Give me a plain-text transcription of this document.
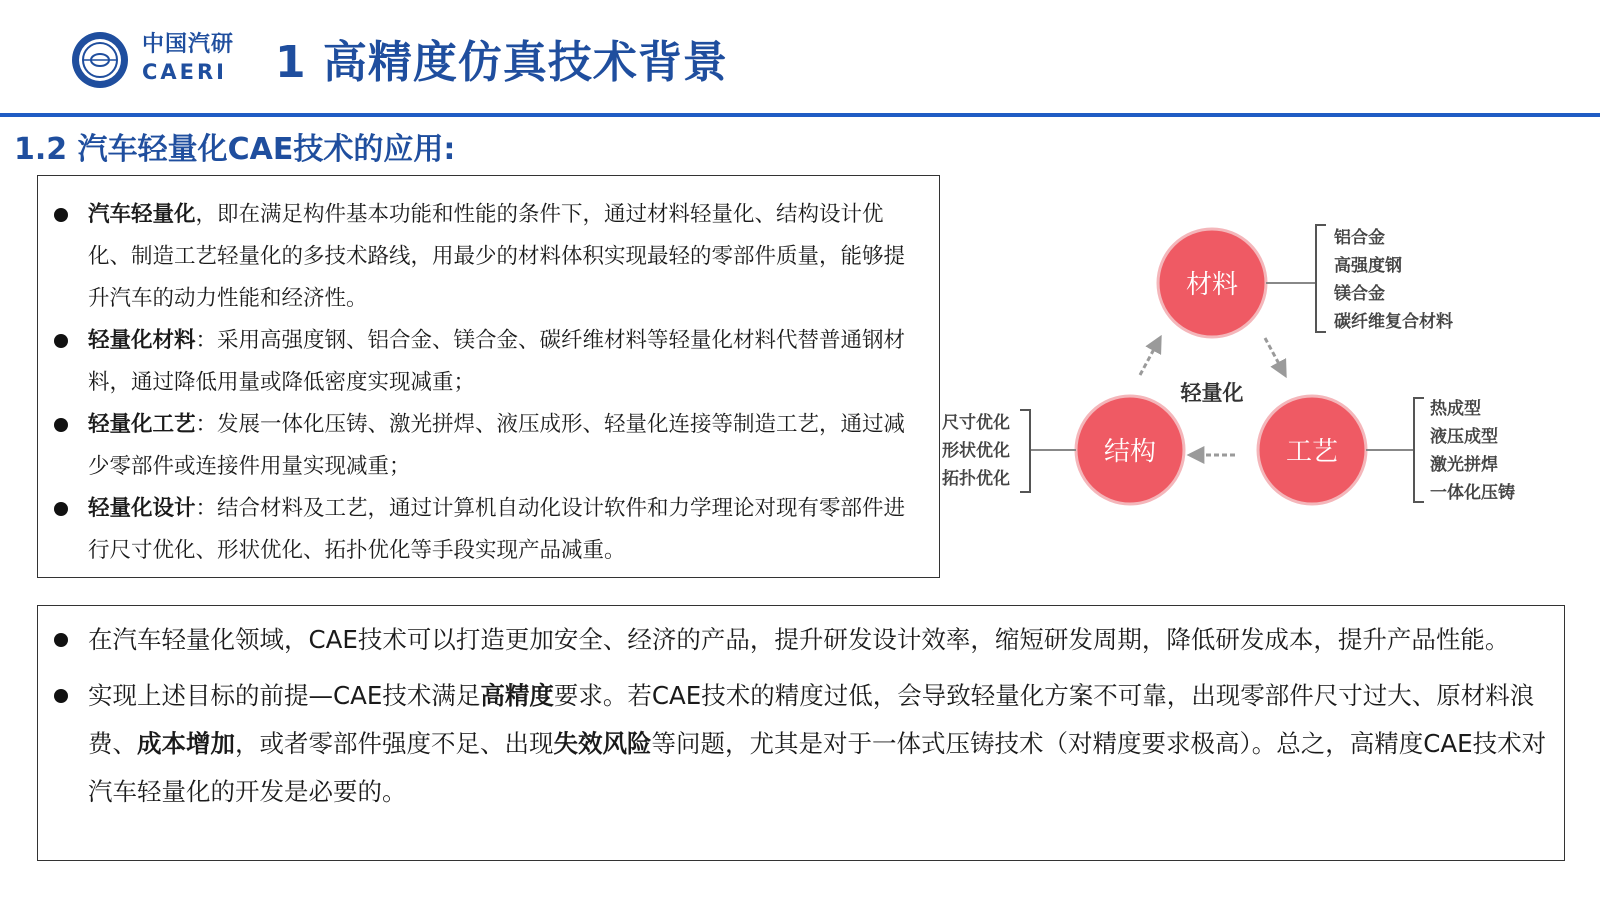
中国汽研
CAERI 1 高精度仿真技术背景
1.2 汽车轻量化CAE技术的应用:
汽车轻量化，即在满足构件基本功能和性能的条件下，通过材料轻量化、结构设计优化、制造工艺轻量化的多技术路线，用最少的材料体积实现最轻的零部件质量，能够提升汽车的动力性能和经济性。
轻量化材料：采用高强度钢、铝合金、镁合金、碳纤维材料等轻量化材料代替普通钢材料，通过降低用量或降低密度实现减重；
轻量化工艺：发展一体化压铸、激光拼焊、液压成形、轻量化连接等制造工艺，通过减少零部件或连接件用量实现减重；
轻量化设计：结合材料及工艺，通过计算机自动化设计软件和力学理论对现有零部件进行尺寸优化、形状优化、拓扑优化等手段实现产品减重。
轻量化
材料
铝合金
高强度钢
镁合金
碳纤维复合材料
工艺
热成型
液压成型
激光拼焊
一体化压铸
结构
尺寸优化
形状优化
拓扑优化
在汽车轻量化领域，CAE技术可以打造更加安全、经济的产品，提升研发设计效率，缩短研发周期，降低研发成本，提升产品性能。
实现上述目标的前提—CAE技术满足高精度要求。若CAE技术的精度过低，会导致轻量化方案不可靠，出现零部件尺寸过大、原材料浪费、成本增加，或者零部件强度不足、出现失效风险等问题，尤其是对于一体式压铸技术（对精度要求极高）。总之，高精度CAE技术对汽车轻量化的开发是必要的。
